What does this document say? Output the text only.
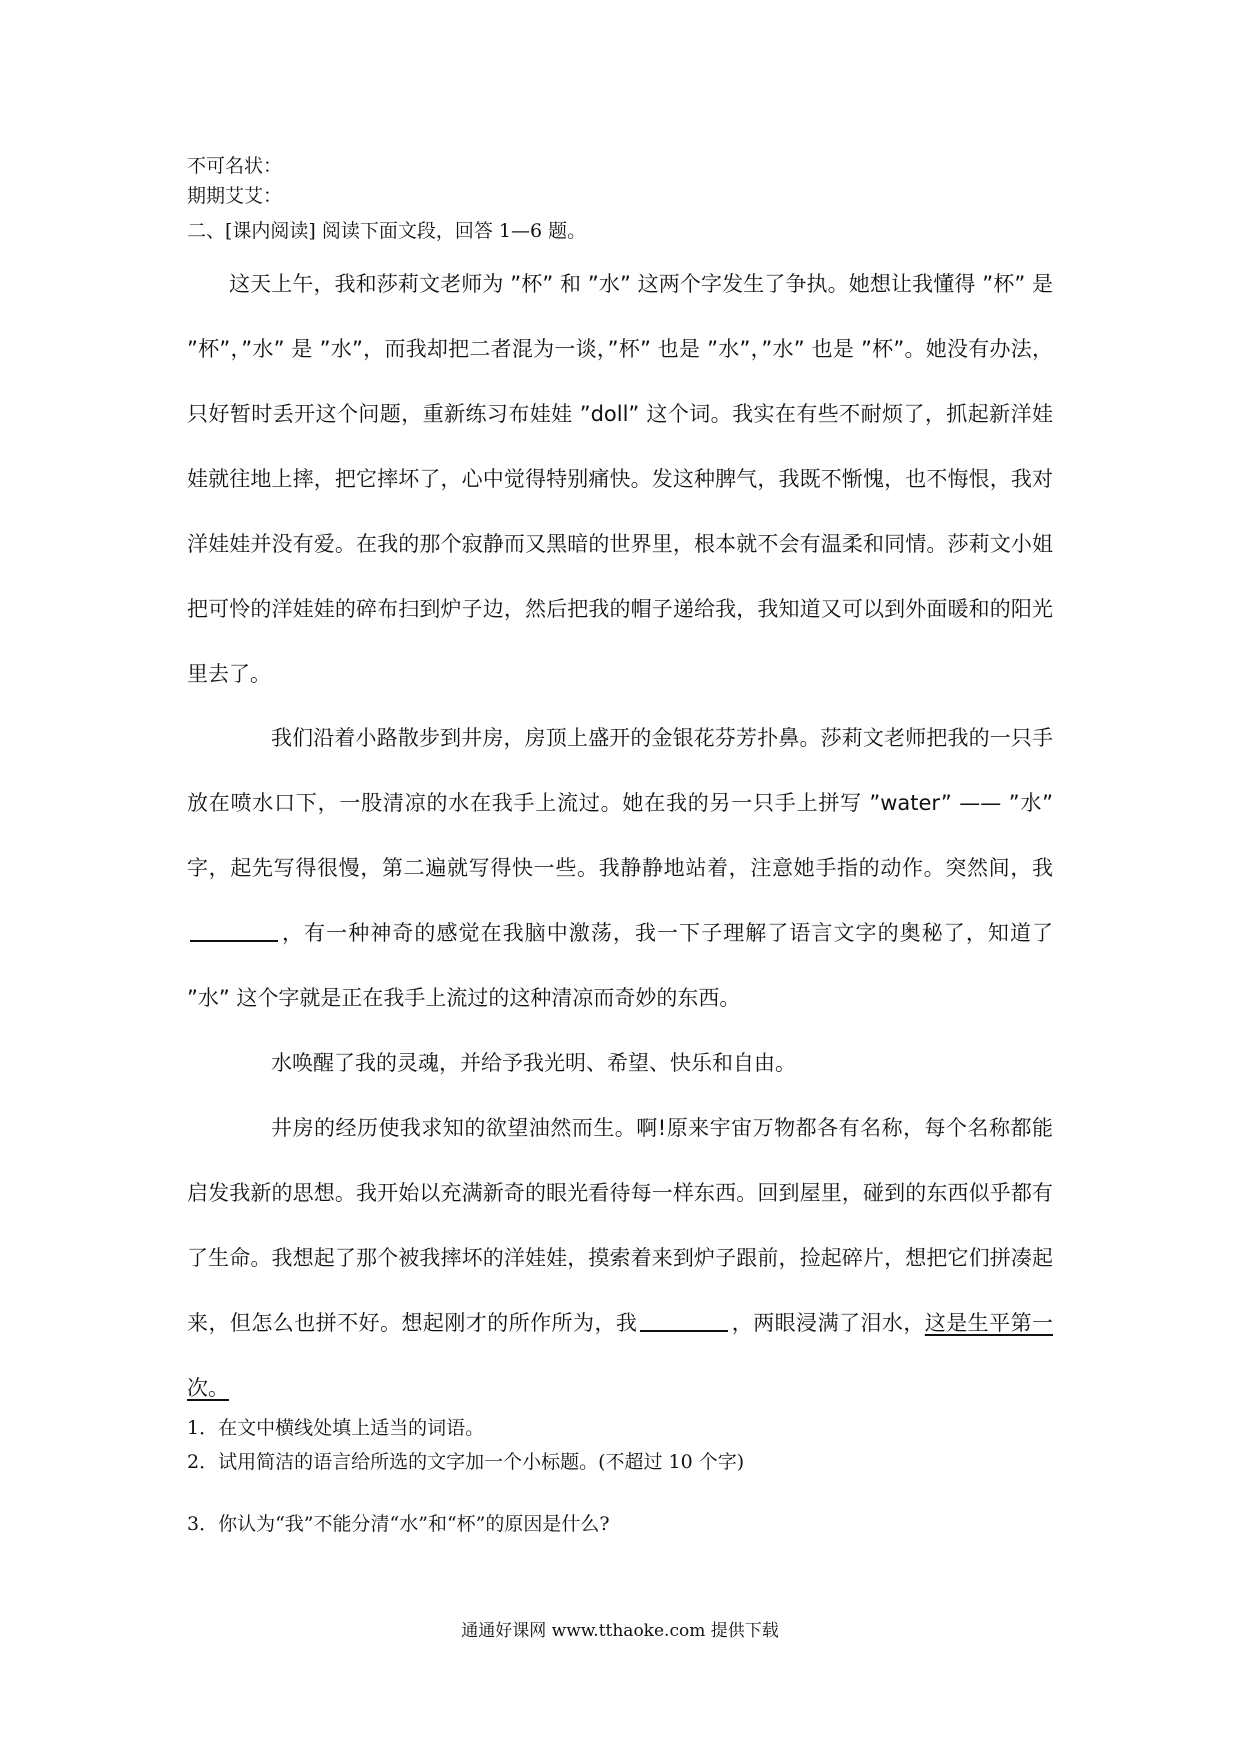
不可名状：
期期艾艾：
二、[课内阅读] 阅读下面文段，回答 1—6 题。

这天上午，我和莎莉文老师为 ”杯” 和 ”水” 这两个字发生了争执。她想让我懂得 ”杯” 是 ”杯”，”水” 是 ”水”，而我却把二者混为一谈，”杯” 也是 ”水”，”水” 也是 ”杯”。她没有办法，只好暂时丢开这个问题，重新练习布娃娃 ”doll” 这个词。我实在有些不耐烦了，抓起新洋娃娃就往地上摔，把它摔坏了，心中觉得特别痛快。发这种脾气，我既不惭愧，也不悔恨，我对洋娃娃并没有爱。在我的那个寂静而又黑暗的世界里，根本就不会有温柔和同情。莎莉文小姐把可怜的洋娃娃的碎布扫到炉子边，然后把我的帽子递给我，我知道又可以到外面暖和的阳光里去了。

我们沿着小路散步到井房，房顶上盛开的金银花芬芳扑鼻。莎莉文老师把我的一只手放在喷水口下，一股清凉的水在我手上流过。她在我的另一只手上拼写 ”water” —— ”水” 字，起先写得很慢，第二遍就写得快一些。我静静地站着，注意她手指的动作。突然间，我，有一种神奇的感觉在我脑中激荡，我一下子理解了语言文字的奥秘了，知道了 ”水” 这个字就是正在我手上流过的这种清凉而奇妙的东西。

水唤醒了我的灵魂，并给予我光明、希望、快乐和自由。

井房的经历使我求知的欲望油然而生。啊!原来宇宙万物都各有名称，每个名称都能启发我新的思想。我开始以充满新奇的眼光看待每一样东西。回到屋里，碰到的东西似乎都有了生命。我想起了那个被我摔坏的洋娃娃，摸索着来到炉子跟前，捡起碎片，想把它们拼凑起来，但怎么也拼不好。想起刚才的所作所为，我	，两眼浸满了泪水，这是生平第一次。

1．在文中横线处填上适当的词语。
2．试用简洁的语言给所选的文字加一个小标题。(不超过 10 个字)
3．你认为“我”不能分清“水”和“杯”的原因是什么?
通通好课网 www.tthaoke.com 提供下载
